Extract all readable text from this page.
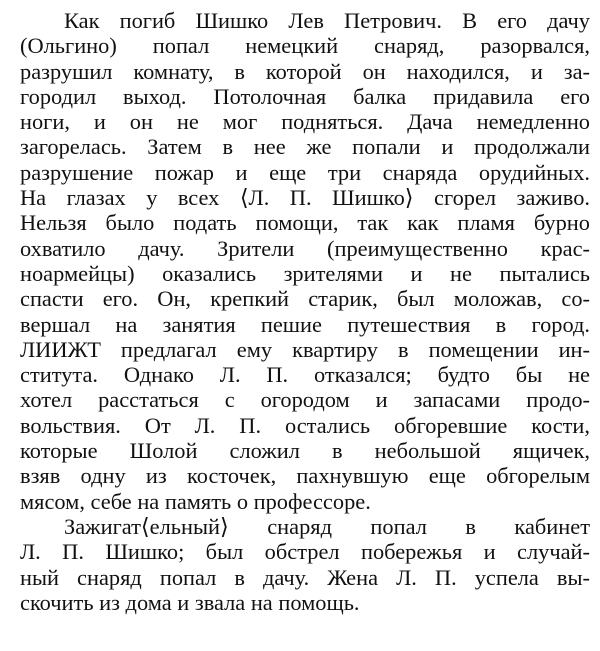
Как погиб Шишко Лев Петрович. В его дачу
(Ольгино) попал немецкий снаряд, разорвался,
разрушил комнату, в которой он находился, и за-
городил выход. Потолочная балка придавила его
ноги, и он не мог подняться. Дача немедленно
загорелась. Затем в нее же попали и продолжали
разрушение пожар и еще три снаряда орудийных.
На глазах у всех ⟨Л. П. Шишко⟩ сгорел заживо.
Нельзя было подать помощи, так как пламя бурно
охватило дачу. Зрители (преимущественно крас-
ноармейцы) оказались зрителями и не пытались
спасти его. Он, крепкий старик, был моложав, со-
вершал на занятия пешие путешествия в город.
ЛИИЖТ предлагал ему квартиру в помещении ин-
ститута. Однако Л. П. отказался; будто бы не
хотел расстаться с огородом и запасами продо-
вольствия. От Л. П. остались обгоревшие кости,
которые Шолой сложил в небольшой ящичек,
взяв одну из косточек, пахнувшую еще обгорелым
мясом, себе на память о профессоре.

Зажигат⟨ельный⟩ снаряд попал в кабинет
Л. П. Шишко; был обстрел побережья и случай-
ный снаряд попал в дачу. Жена Л. П. успела вы-
скочить из дома и звала на помощь.
